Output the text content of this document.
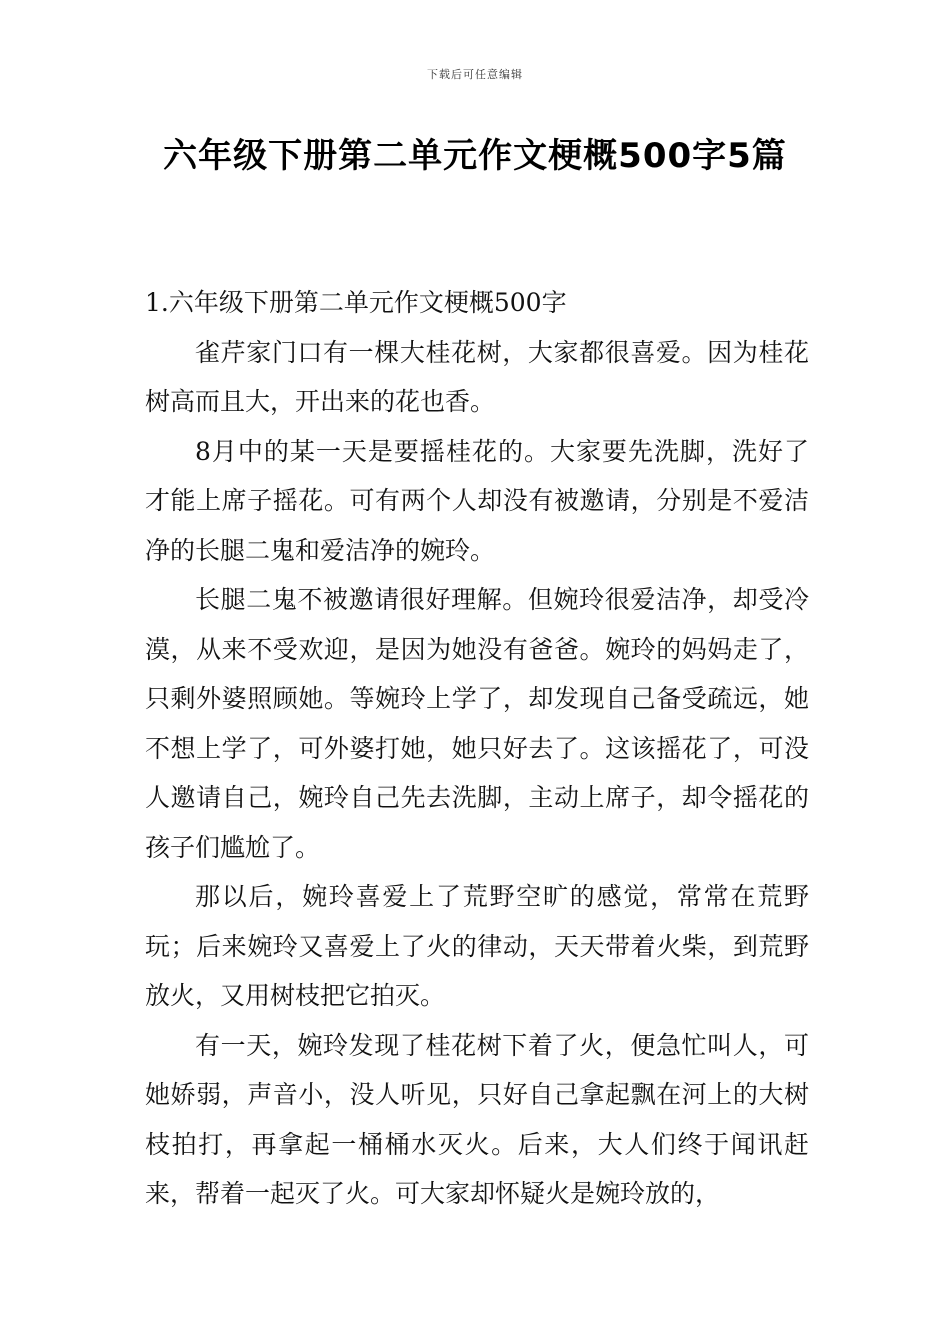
下载后可任意编辑
六年级下册第二单元作文梗概500字5篇

1.六年级下册第二单元作文梗概500字

雀芹家门口有一棵大桂花树，大家都很喜爱。因为桂花树高而且大，开出来的花也香。

8月中的某一天是要摇桂花的。大家要先洗脚，洗好了才能上席子摇花。可有两个人却没有被邀请，分别是不爱洁净的长腿二鬼和爱洁净的婉玲。

长腿二鬼不被邀请很好理解。但婉玲很爱洁净，却受冷漠，从来不受欢迎，是因为她没有爸爸。婉玲的妈妈走了，只剩外婆照顾她。等婉玲上学了，却发现自己备受疏远，她不想上学了，可外婆打她，她只好去了。这该摇花了，可没人邀请自己，婉玲自己先去洗脚，主动上席子，却令摇花的孩子们尴尬了。

那以后，婉玲喜爱上了荒野空旷的感觉，常常在荒野玩；后来婉玲又喜爱上了火的律动，天天带着火柴，到荒野放火，又用树枝把它拍灭。

有一天，婉玲发现了桂花树下着了火，便急忙叫人，可她娇弱，声音小，没人听见，只好自己拿起飘在河上的大树枝拍打，再拿起一桶桶水灭火。后来，大人们终于闻讯赶来，帮着一起灭了火。可大家却怀疑火是婉玲放的，
